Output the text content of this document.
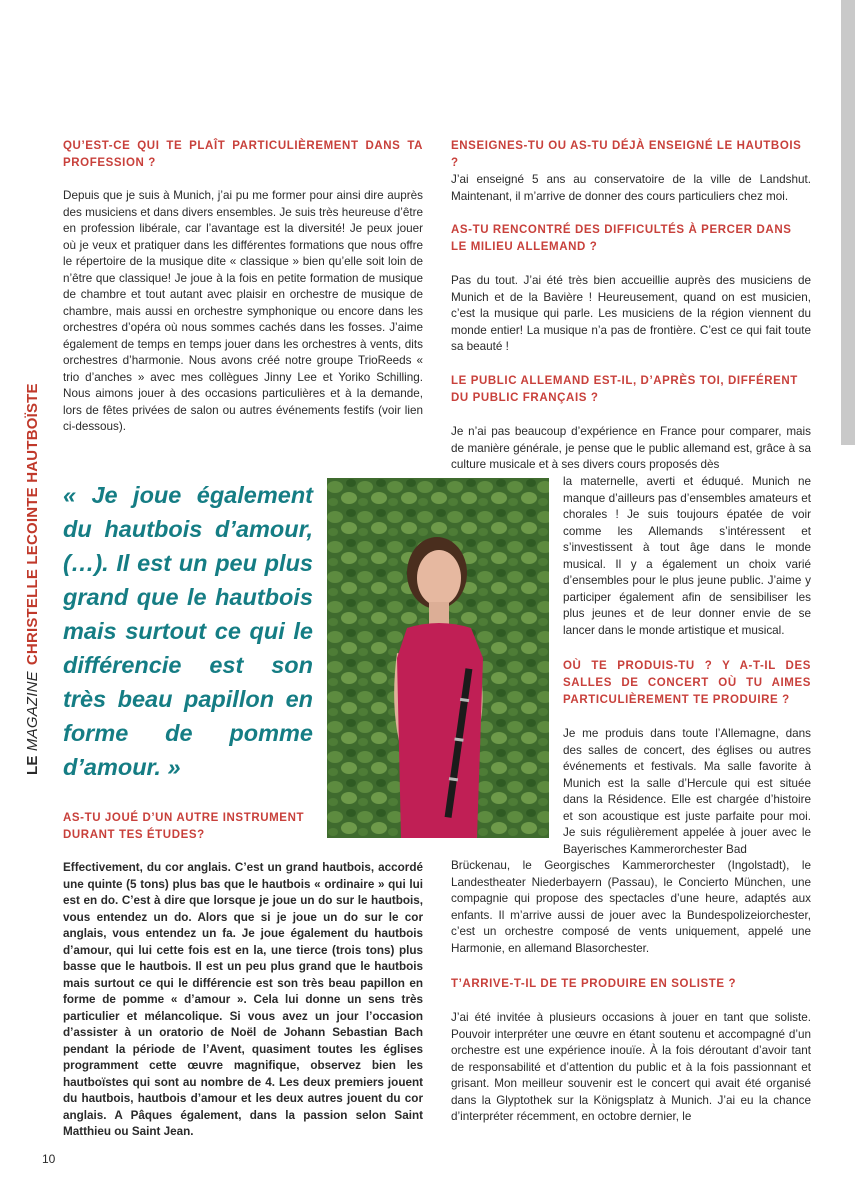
LE MAGAZINECHRISTELLE LECOINTE HAUTBOÏSTE
QU’EST-CE QUI TE PLAÎT PARTICULIÈREMENT DANS TA PROFESSION ?

Depuis que je suis à Munich, j’ai pu me former pour ainsi dire auprès des musiciens et dans divers ensembles. Je suis très heureuse d’être en profession libérale, car l’avantage est la diversité! Je peux jouer où je veux et pratiquer dans les différentes formations que nous offre le répertoire de la musique dite « classique » bien qu’elle soit loin de n’être que classique! Je joue à la fois en petite formation de musique de chambre et tout autant avec plaisir en orchestre de musique de chambre, mais aussi en orchestre symphonique ou encore dans les orchestres d’opéra où nous sommes cachés dans les fosses. J’aime également de temps en temps jouer dans les orchestres à vents, dits orchestres d’harmonie. Nous avons créé notre groupe TrioReeds « trio d’anches » avec mes collègues Jinny Lee et Yoriko Schilling. Nous aimons jouer à des occasions particulières et à la demande, lors de fêtes privées de salon ou autres événements festifs (voir lien ci-dessous).

« Je joue également du hautbois d’amour, (…). Il est un peu plus grand que le hautbois mais surtout ce qui le différencie est son très beau papillon en forme de pomme d’amour. »
AS-TU JOUÉ D’UN AUTRE INSTRUMENT DURANT TES ÉTUDES?

Effectivement, du cor anglais. C’est un grand hautbois, accordé une quinte (5 tons) plus bas que le hautbois « ordinaire » qui lui est en do. C’est à dire que lorsque je joue un do sur le hautbois, vous entendez un do. Alors que si je joue un do sur le cor anglais, vous entendez un fa. Je joue également du hautbois d’amour, qui lui cette fois est en la, une tierce (trois tons) plus basse que le hautbois. Il est un peu plus grand que le hautbois mais surtout ce qui le différencie est son très beau papillon en forme de pomme « d’amour ». Cela lui donne un sens très particulier et mélancolique. Si vous avez un jour l’occasion d’assister à un oratorio de Noël de Johann Sebastian Bach pendant la période de l’Avent, quasiment toutes les églises programment cette œuvre magnifique, observez bien les hautboïstes qui sont au nombre de 4. Les deux premiers jouent du hautbois, hautbois d’amour et les deux autres jouent du cor anglais. A Pâques également, dans la passion selon Saint Matthieu ou Saint Jean.

ENSEIGNES-TU OU AS-TU DÉJÀ ENSEIGNÉ LE HAUTBOIS ?

J’ai enseigné 5 ans au conservatoire de la ville de Landshut. Maintenant, il m’arrive de donner des cours particuliers chez moi.

AS-TU RENCONTRÉ DES DIFFICULTÉS À PERCER DANS LE MILIEU ALLEMAND ?

Pas du tout. J’ai été très bien accueillie auprès des musiciens de Munich et de la Bavière ! Heureusement, quand on est musicien, c’est la musique qui parle. Les musiciens de la région viennent du monde entier! La musique n’a pas de frontière. C’est ce qui fait toute sa beauté !

LE PUBLIC ALLEMAND EST-IL, D’APRÈS TOI, DIFFÉRENT DU PUBLIC FRANÇAIS ?

Je n’ai pas beaucoup d’expérience en France pour comparer, mais de manière générale, je pense que le public allemand est, grâce à sa culture musicale et à ses divers cours proposés dès

la maternelle, averti et éduqué. Munich ne manque d’ailleurs pas d’ensembles amateurs et chorales ! Je suis toujours épatée de voir comme les Allemands s’intéressent et s’investissent à tout âge dans le monde musical. Il y a également un choix varié d’ensembles pour le plus jeune public. J’aime y participer également afin de sensibiliser les plus jeunes et de leur donner envie de se lancer dans le monde artistique et musical.

OÙ TE PRODUIS-TU ? Y A-T-IL DES SALLES DE CONCERT OÙ TU AIMES PARTICULIÈREMENT TE PRODUIRE ?

Je me produis dans toute l’Allemagne, dans des salles de concert, des églises ou autres événements et festivals. Ma salle favorite à Munich est la salle d’Hercule qui est située dans la Résidence. Elle est chargée d’histoire et son acoustique est juste parfaite pour moi. Je suis régulièrement appelée à jouer avec le Bayerisches Kammerorchester Bad

Brückenau, le Georgisches Kammerorchester (Ingolstadt), le Landestheater Niederbayern (Passau), le Concierto München, une compagnie qui propose des spectacles d’une heure, adaptés aux enfants. Il m’arrive aussi de jouer avec la Bundespolizeiorchester, c’est un orchestre composé de vents uniquement, appelé une Harmonie, en allemand Blasorchester.

T’ARRIVE-T-IL DE TE PRODUIRE EN SOLISTE ?

J’ai été invitée à plusieurs occasions à jouer en tant que soliste. Pouvoir interpréter une œuvre en étant soutenu et accompagné d’un orchestre est une expérience inouïe. À la fois déroutant d’avoir tant de responsabilité et d’attention du public et à la fois passionnant et grisant. Mon meilleur souvenir est le concert qui avait été organisé dans la Glyptothek sur la Königsplatz à Munich. J’ai eu la chance d’interpréter récemment, en octobre dernier, le

10
